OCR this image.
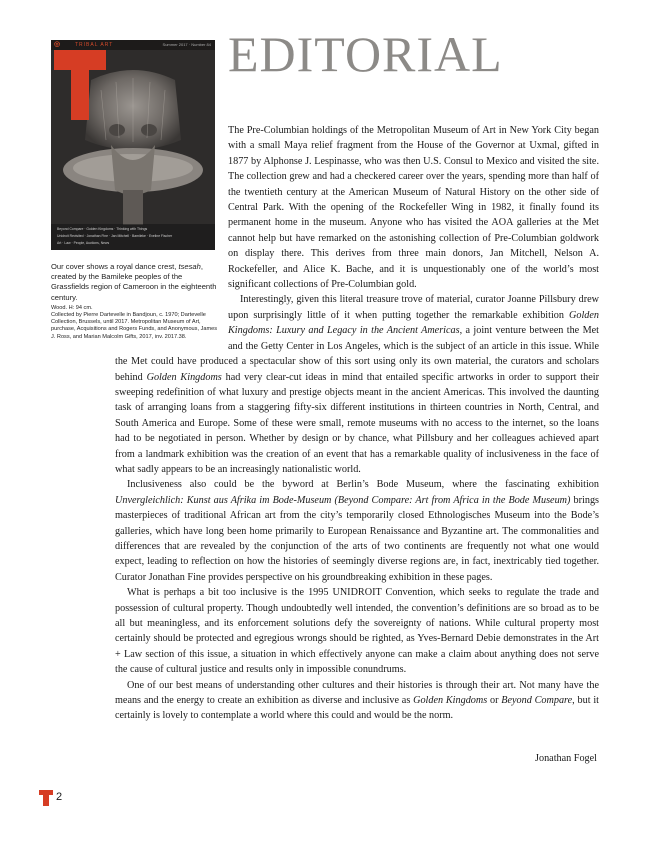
◎	TRIBAL ART	Summer 2017 · Number 84
Beyond Compare · Golden Kingdoms · Thinking with Things
Unidroit Revisited · Jonathan Fine · Jan Mitchell · Bamileke · Eveline Fischer
Art · Law · People, Auctions, News

Our cover shows a royal dance crest, tsesah, created by the Bamileke peoples of the Grassfields region of Cameroon in the eighteenth century.

Wood. H: 94 cm.

Collected by Pierre Dartevelle in Bandjoun, c. 1970; Dartevelle Collection, Brussels, until 2017. Metropolitan Museum of Art, purchase, Acquisitions and Rogers Funds, and Anonymous, James J. Ross, and Marian Malcolm Gifts, 2017, inv. 2017.38.

EDITORIAL

The Pre-Columbian holdings of the Metropolitan Museum of Art in New York City began with a small Maya relief fragment from the House of the Governor at Uxmal, gifted in 1877 by Alphonse J. Lespinasse, who was then U.S. Consul to Mexico and visited the site. The collection grew and had a checkered career over the years, spending more than half of the twentieth century at the American Museum of Natural History on the other side of Central Park. With the opening of the Rockefeller Wing in 1982, it finally found its permanent home in the museum. Anyone who has visited the AOA galleries at the Met cannot help but have remarked on the astonishing collection of Pre-Columbian goldwork on display there. This derives from three main donors, Jan Mitchell, Nelson A. Rockefeller, and Alice K. Bache, and it is unquestionably one of the world’s most significant collections of Pre-Columbian gold.

Interestingly, given this literal treasure trove of material, curator Joanne Pillsbury drew upon surprisingly little of it when putting together the remarkable exhibition Golden Kingdoms: Luxury and Legacy in the Ancient Americas, a joint venture between the Met and the Getty Center in Los Angeles, which is the subject of an article in this issue. While the Met could have produced a spectacular show of this sort using only its own material, the curators and scholars behind Golden Kingdoms had very clear-cut ideas in mind that entailed specific artworks in order to support their sweeping redefinition of what luxury and prestige objects meant in the ancient Americas. This involved the daunting task of arranging loans from a staggering fifty-six different institutions in thirteen countries in North, Central, and South America and Europe. Some of these were small, remote museums with no access to the internet, so the loans had to be negotiated in person. Whether by design or by chance, what Pillsbury and her colleagues achieved apart from a landmark exhibition was the creation of an event that has a remarkable quality of inclusiveness in the face of what sadly appears to be an increasingly nationalistic world.

Inclusiveness also could be the byword at Berlin’s Bode Museum, where the fascinating exhibition Unvergleichlich: Kunst aus Afrika im Bode-Museum (Beyond Compare: Art from Africa in the Bode Museum) brings masterpieces of traditional African art from the city’s temporarily closed Ethnologisches Museum into the Bode’s galleries, which have long been home primarily to European Renaissance and Byzantine art. The commonalities and differences that are revealed by the conjunction of the arts of two continents are frequently not what one would expect, leading to reflection on how the histories of seemingly diverse regions are, in fact, inextricably tied together. Curator Jonathan Fine provides perspective on his groundbreaking exhibition in these pages.

What is perhaps a bit too inclusive is the 1995 UNIDROIT Convention, which seeks to regulate the trade and possession of cultural property. Though undoubtedly well intended, the convention’s definitions are so broad as to be all but meaningless, and its enforcement solutions defy the sovereignty of nations. While cultural property most certainly should be protected and egregious wrongs should be righted, as Yves-Bernard Debie demonstrates in the Art + Law section of this issue, a situation in which effectively anyone can make a claim about anything does not serve the cause of cultural justice and results only in impossible conundrums.

One of our best means of understanding other cultures and their histories is through their art. Not many have the means and the energy to create an exhibition as diverse and inclusive as Golden Kingdoms or Beyond Compare, but it certainly is lovely to contemplate a world where this could and would be the norm.

Jonathan Fogel

2
